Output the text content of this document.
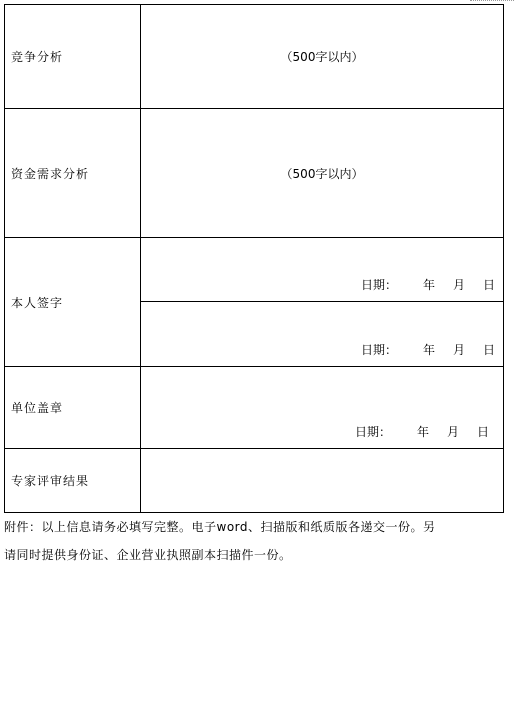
竞争分析	（500字以内）
资金需求分析	（500字以内）
本人签字	日期： 年 月 日

	日期： 年 月 日

单位盖章	日期： 年 月 日

专家评审结果	

附件：以上信息请务必填写完整。电子word、扫描版和纸质版各递交一份。另

请同时提供身份证、企业营业执照副本扫描件一份。
